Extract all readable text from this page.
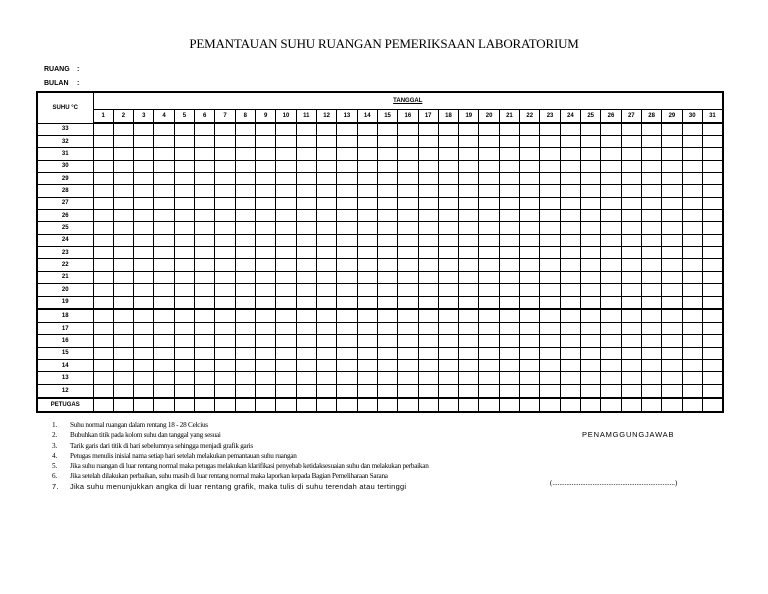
PEMANTAUAN SUHU RUANGAN PEMERIKSAAN LABORATORIUM
RUANG :
BULAN :
SUHU °C	TANGGAL																														
	1	2	3	4	5	6	7	8	9	10	11	12	13	14	15	16	17	18	19	20	21	22	23	24	25	26	27	28	29	30	31
33																															
32																															
31																															
30																															
29																															
28																															
27																															
26																															
25																															
24																															
23																															
22																															
21																															
20																															
19																															
18																															
17																															
16																															
15																															
14																															
13																															
12																															
PETUGAS																															
1. Suhu normal ruangan dalam rentang 18 - 28 Celcius
2. Bubuhkan titik pada kolom suhu dan tanggal yang sesuai
3. Tarik garis dari titik di hari sebelumnya sehingga menjadi grafik garis
4. Petugas menulis inisial nama setiap hari setelah melakukan pemantauan suhu ruangan
5. Jika suhu ruangan di luar rentang normal maka petugas melakukan klarifikasi penyebab ketidaksesuaian suhu dan melakukan perbaikan
6. Jika setelah dilakukan perbaikan, suhu masih di luar rentang normal maka laporkan kepada Bagian Pemeliharaan Sarana
7. Jika suhu menunjukkan angka di luar rentang grafik, maka tulis di suhu terendah atau tertinggi
PENAMGGUNGJAWAB
(......................................................................)
